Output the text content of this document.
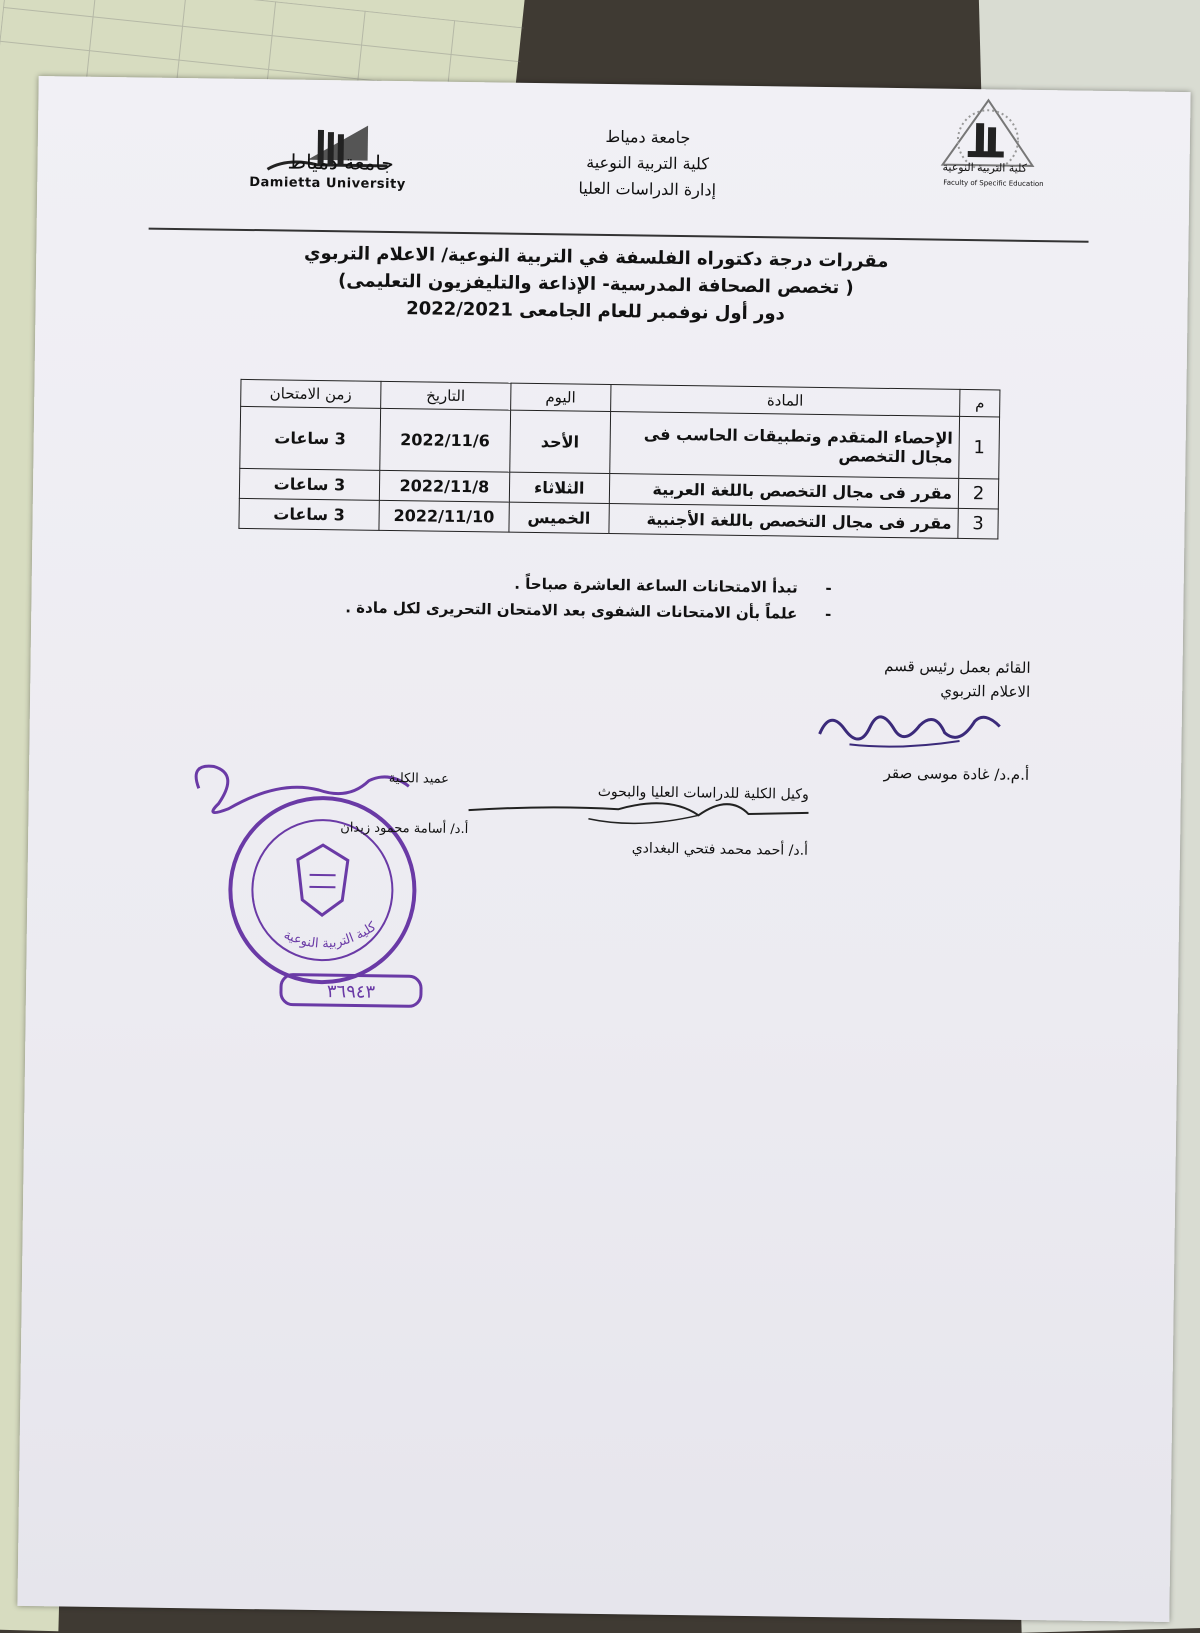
جامعة دمياط
Damietta University
جامعة دمياط
كلية التربية النوعية
إدارة الدراسات العليا
كلية التربية النوعية
Faculty of Specific Education
مقررات درجة دكتوراه الفلسفة في التربية النوعية/ الاعلام التربوي
( تخصص الصحافة المدرسية- الإذاعة والتليفزيون التعليمى)
دور أول نوفمبر للعام الجامعى 2022/2021
م	المادة	اليوم	التاريخ	زمن الامتحان
1	الإحصاء المتقدم وتطبيقات الحاسب فى مجال التخصص	الأحد	2022/11/6	3 ساعات
2	مقرر فى مجال التخصص باللغة العربية	الثلاثاء	2022/11/8	3 ساعات
3	مقرر فى مجال التخصص باللغة الأجنبية	الخميس	2022/11/10	3 ساعات
-تبدأ الامتحانات الساعة العاشرة صباحاً .
-علماً بأن الامتحانات الشفوى بعد الامتحان التحريرى لكل مادة .
القائم بعمل رئيس قسم
الاعلام التربوي
أ.م.د/ غادة موسى صقر
وكيل الكلية للدراسات العليا والبحوث
أ.د/ أحمد محمد فتحي البغدادي
كلية التربية النوعية
عميد الكلية
أ.د/ أسامة محمود زيدان
٣٦٩٤٣
